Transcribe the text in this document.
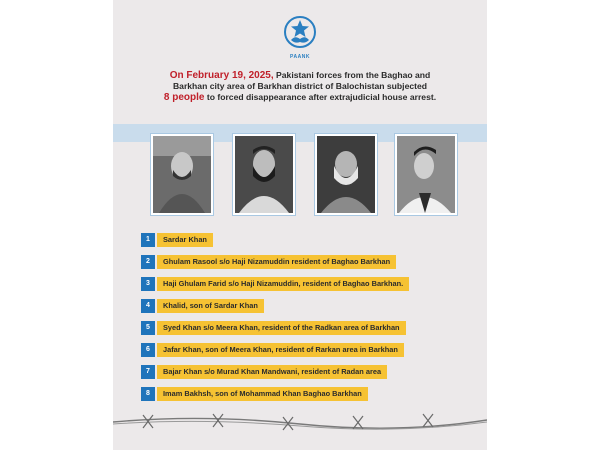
PAANK
On February 19, 2025, Pakistani forces from the Baghao and
Barkhan city area of Barkhan district of Balochistan subjected
8 people to forced disappearance after extrajudicial house arrest.
1	Sardar Khan
2	Ghulam Rasool s/o Haji Nizamuddin resident of Baghao Barkhan
3	Haji Ghulam Farid s/o Haji Nizamuddin, resident of Baghao Barkhan.
4	Khalid, son of Sardar Khan
5	Syed Khan s/o Meera Khan, resident of the Radkan area of Barkhan
6	Jafar Khan, son of Meera Khan, resident of Rarkan area in Barkhan
7	Bajar Khan s/o Murad Khan Mandwani, resident of Radan area
8	Imam Bakhsh, son of Mohammad Khan Baghao Barkhan
